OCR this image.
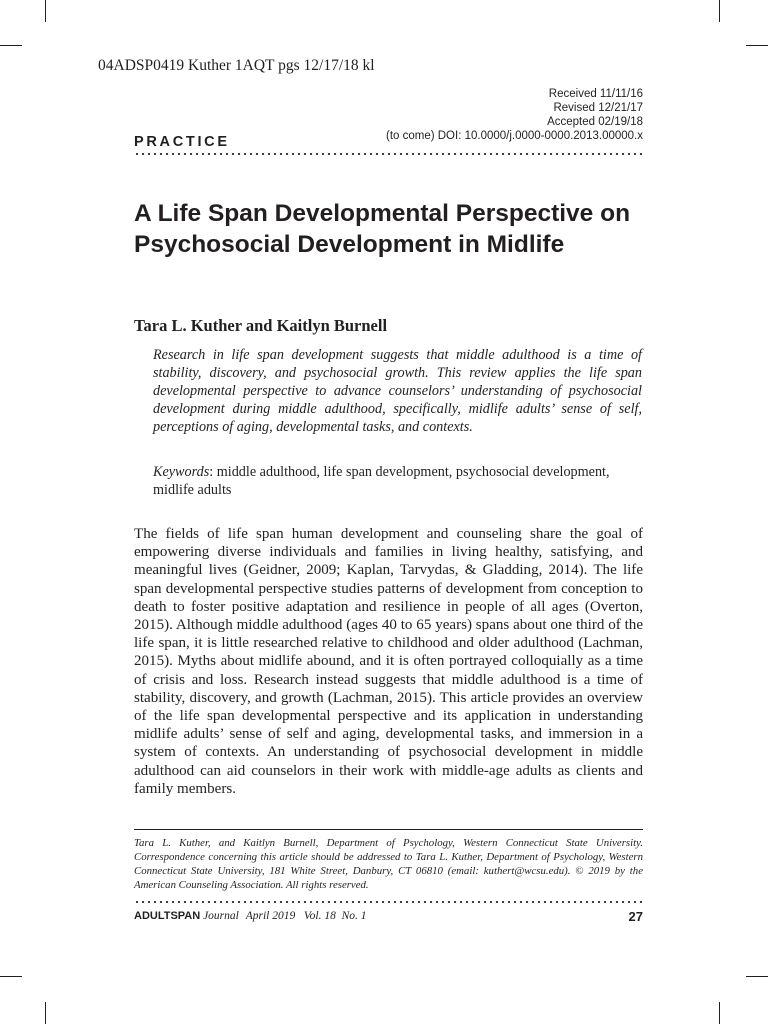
04ADSP0419 Kuther 1AQT pgs 12/17/18 kl
Received 11/11/16
Revised 12/21/17
Accepted 02/19/18
(to come) DOI: 10.0000/j.0000-0000.2013.00000.x
PRACTICE
A Life Span Developmental Perspective on Psychosocial Development in Midlife
Tara L. Kuther and Kaitlyn Burnell

Research in life span development suggests that middle adulthood is a time of stability, discovery, and psychosocial growth. This review applies the life span developmental perspective to advance counselors’ understanding of psychosocial development during middle adulthood, specifically, midlife adults’ sense of self, perceptions of aging, developmental tasks, and contexts.

Keywords: middle adulthood, life span development, psychosocial development, midlife adults

The fields of life span human development and counseling share the goal of empowering diverse individuals and families in living healthy, satisfying, and meaningful lives (Geidner, 2009; Kaplan, Tarvydas, & Gladding, 2014). The life span developmental perspective studies patterns of development from conception to death to foster positive adaptation and resilience in people of all ages (Overton, 2015). Although middle adulthood (ages 40 to 65 years) spans about one third of the life span, it is little researched relative to childhood and older adulthood (Lachman, 2015). Myths about midlife abound, and it is often portrayed colloquially as a time of crisis and loss. Research instead suggests that middle adulthood is a time of stability, discovery, and growth (Lachman, 2015). This article provides an overview of the life span developmental perspective and its application in understanding midlife adults’ sense of self and aging, developmental tasks, and immersion in a system of contexts. An understanding of psychosocial development in middle adulthood can aid counselors in their work with middle-age adults as clients and family members.

Tara L. Kuther, and Kaitlyn Burnell, Department of Psychology, Western Connecticut State University. Correspondence concerning this article should be addressed to Tara L. Kuther, Department of Psychology, Western Connecticut State University, 181 White Street, Danbury, CT 06810 (email: kuthert@wcsu.edu). © 2019 by the American Counseling Association. All rights reserved.

ADULTSPAN Journal April 2019   Vol. 18  No. 1	27
